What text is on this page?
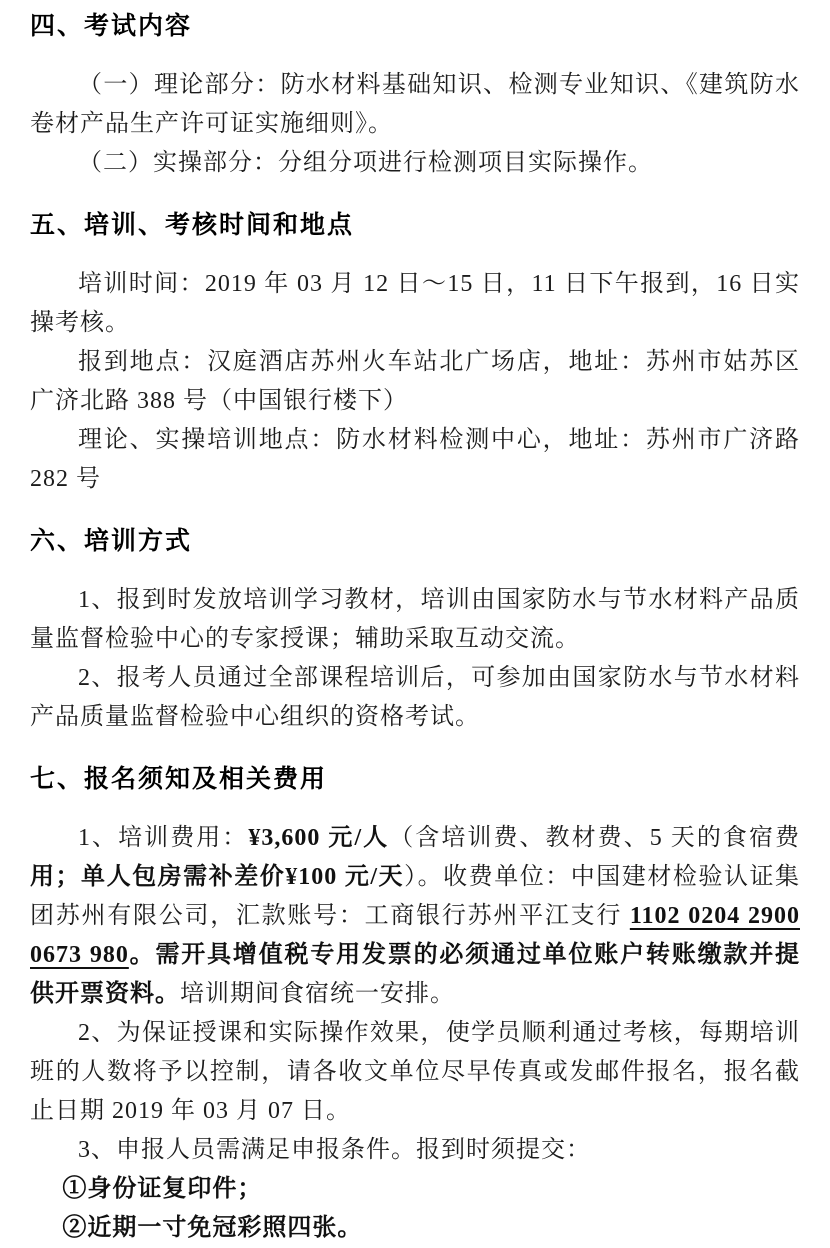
四、考试内容

（一）理论部分：防水材料基础知识、检测专业知识、《建筑防水卷材产品生产许可证实施细则》。

（二）实操部分：分组分项进行检测项目实际操作。

五、培训、考核时间和地点

培训时间：2019 年 03 月 12 日～15 日，11 日下午报到，16 日实操考核。

报到地点：汉庭酒店苏州火车站北广场店，地址：苏州市姑苏区广济北路 388 号（中国银行楼下）

理论、实操培训地点：防水材料检测中心，地址：苏州市广济路 282 号

六、培训方式

1、报到时发放培训学习教材，培训由国家防水与节水材料产品质量监督检验中心的专家授课；辅助采取互动交流。

2、报考人员通过全部课程培训后，可参加由国家防水与节水材料产品质量监督检验中心组织的资格考试。

七、报名须知及相关费用

1、培训费用：¥3,600 元/人（含培训费、教材费、5 天的食宿费用；单人包房需补差价¥100 元/天）。收费单位：中国建材检验认证集团苏州有限公司，汇款账号：工商银行苏州平江支行 1102 0204 2900 0673 980。需开具增值税专用发票的必须通过单位账户转账缴款并提供开票资料。培训期间食宿统一安排。

2、为保证授课和实际操作效果，使学员顺利通过考核，每期培训班的人数将予以控制，请各收文单位尽早传真或发邮件报名，报名截止日期 2019 年 03 月 07 日。

3、申报人员需满足申报条件。报到时须提交：

①身份证复印件；

②近期一寸免冠彩照四张。
